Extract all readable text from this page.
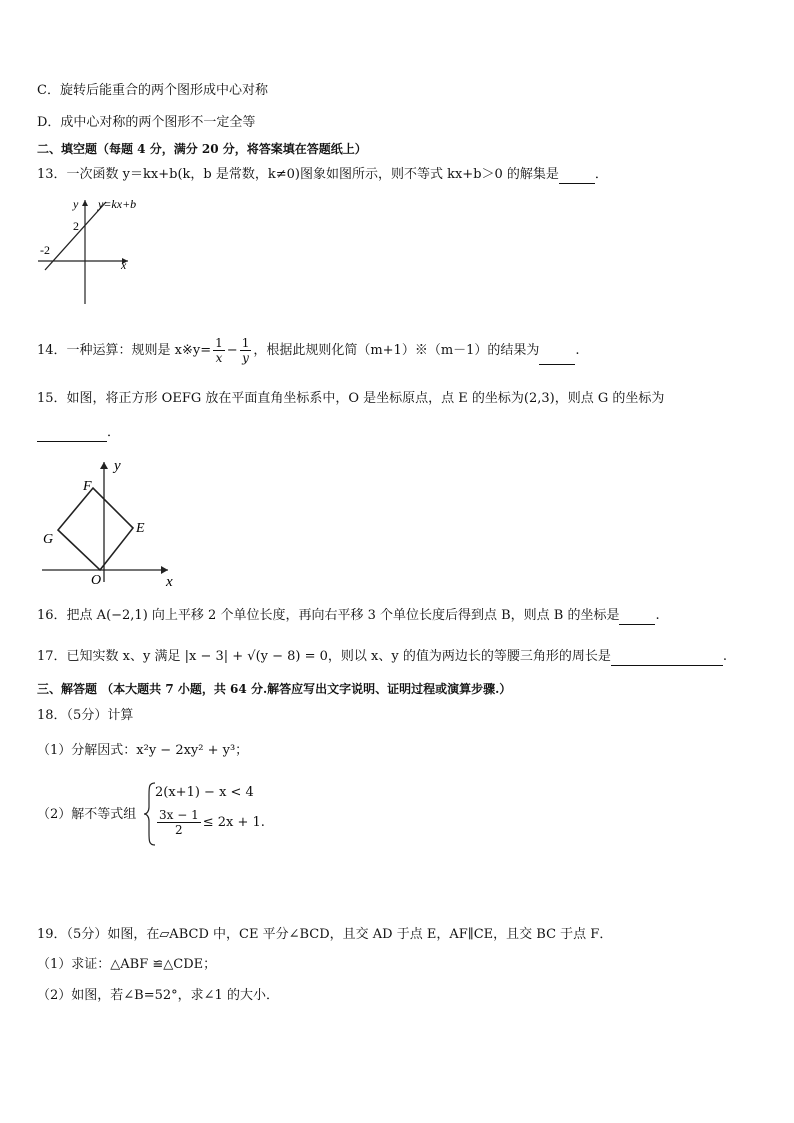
C．旋转后能重合的两个图形成中心对称
D．成中心对称的两个图形不一定全等
二、填空题（每题 4 分，满分 20 分，将答案填在答题纸上）
13．一次函数 y＝kx+b(k，b 是常数，k≠0)图象如图所示，则不等式 kx+b＞0 的解集是	．
y
x
y=kx+b
2
-2
14．一种运算：规则是 x※y= $\frac{1}{x} - \frac{1}{y}$ ，根据此规则化简（m+1）※（m－1）的结果为	.
15．如图，将正方形 OEFG 放在平面直角坐标系中，O 是坐标原点，点 E 的坐标为(2,3)，则点 G 的坐标为
．
y
x
F
E
G
O
16．把点 A(−2,1) 向上平移 2 个单位长度，再向右平移 3 个单位长度后得到点 B，则点 B 的坐标是	.
17．已知实数 x、y 满足 |x − 3| + √(y − 8) = 0，则以 x、y 的值为两边长的等腰三角形的周长是	.
三、解答题 （本大题共 7 小题，共 64 分.解答应写出文字说明、证明过程或演算步骤.）
18．（5分）计算
（1）分解因式：x²y − 2xy² + y³；
（2）解不等式组
2(x+1) − x < 4
$\frac{3x - 1}{2} \le 2x + 1$.
19．（5分）如图，在▱ABCD 中，CE 平分∠BCD，且交 AD 于点 E，AF∥CE，且交 BC 于点 F．
（1）求证：△ABF ≌△CDE；
（2）如图，若∠B=52°，求∠1 的大小．
